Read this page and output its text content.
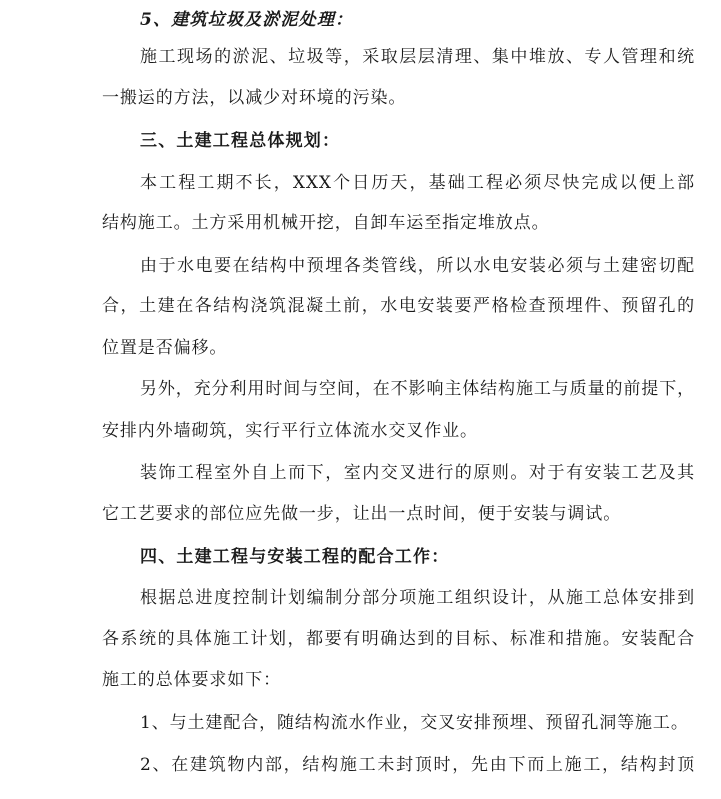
5、建筑垃圾及淤泥处理：
施工现场的淤泥、垃圾等，采取层层清理、集中堆放、专人管理和统
一搬运的方法，以减少对环境的污染。
三、土建工程总体规划：
本工程工期不长，XXX个日历天，基础工程必须尽快完成以便上部
结构施工。土方采用机械开挖，自卸车运至指定堆放点。
由于水电要在结构中预埋各类管线，所以水电安装必须与土建密切配
合，土建在各结构浇筑混凝土前，水电安装要严格检查预埋件、预留孔的
位置是否偏移。
另外，充分利用时间与空间，在不影响主体结构施工与质量的前提下，
安排内外墙砌筑，实行平行立体流水交叉作业。
装饰工程室外自上而下，室内交叉进行的原则。对于有安装工艺及其
它工艺要求的部位应先做一步，让出一点时间，便于安装与调试。
四、土建工程与安装工程的配合工作：
根据总进度控制计划编制分部分项施工组织设计，从施工总体安排到
各系统的具体施工计划，都要有明确达到的目标、标准和措施。安装配合
施工的总体要求如下：
1、与土建配合，随结构流水作业，交叉安排预埋、预留孔洞等施工。
2、在建筑物内部，结构施工未封顶时，先由下而上施工，结构封顶
